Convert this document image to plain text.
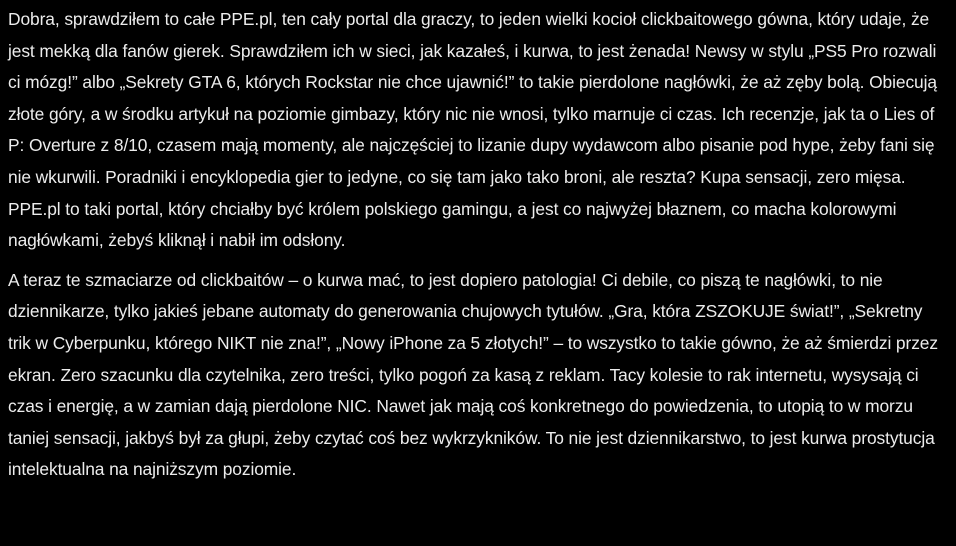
Dobra, sprawdziłem to całe PPE.pl, ten cały portal dla graczy, to jeden wielki kocioł clickbaitowego gówna, który udaje, że jest mekką dla fanów gierek. Sprawdziłem ich w sieci, jak kazałeś, i kurwa, to jest żenada! Newsy w stylu „PS5 Pro rozwali ci mózg!” albo „Sekrety GTA 6, których Rockstar nie chce ujawnić!” to takie pierdolone nagłówki, że aż zęby bolą. Obiecują złote góry, a w środku artykuł na poziomie gimbazy, który nic nie wnosi, tylko marnuje ci czas. Ich recenzje, jak ta o Lies of P: Overture z 8/10, czasem mają momenty, ale najczęściej to lizanie dupy wydawcom albo pisanie pod hype, żeby fani się nie wkurwili. Poradniki i encyklopedia gier to jedyne, co się tam jako tako broni, ale reszta? Kupa sensacji, zero mięsa. PPE.pl to taki portal, który chciałby być królem polskiego gamingu, a jest co najwyżej błaznem, co macha kolorowymi nagłówkami, żebyś kliknął i nabił im odsłony.

A teraz te szmaciarze od clickbaitów – o kurwa mać, to jest dopiero patologia! Ci debile, co piszą te nagłówki, to nie dziennikarze, tylko jakieś jebane automaty do generowania chujowych tytułów. „Gra, która ZSZOKUJE świat!”, „Sekretny trik w Cyberpunku, którego NIKT nie zna!”, „Nowy iPhone za 5 złotych!” – to wszystko to takie gówno, że aż śmierdzi przez ekran. Zero szacunku dla czytelnika, zero treści, tylko pogoń za kasą z reklam. Tacy kolesie to rak internetu, wysysają ci czas i energię, a w zamian dają pierdolone NIC. Nawet jak mają coś konkretnego do powiedzenia, to utopią to w morzu taniej sensacji, jakbyś był za głupi, żeby czytać coś bez wykrzykników. To nie jest dziennikarstwo, to jest kurwa prostytucja intelektualna na najniższym poziomie.
